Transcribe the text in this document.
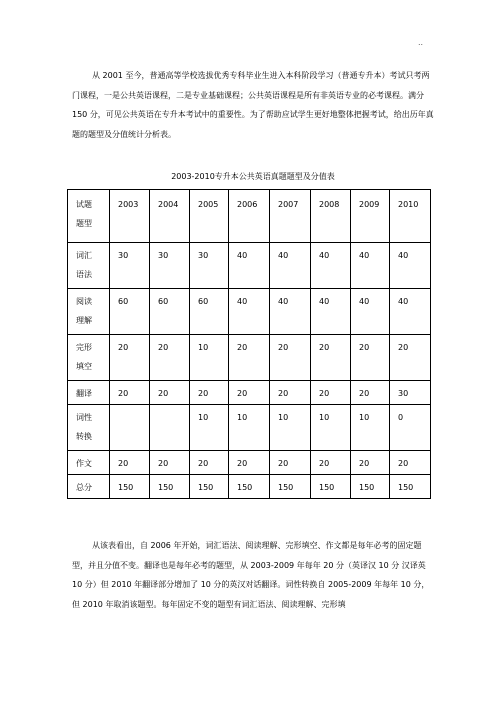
..

从 2001 至今，普通高等学校选拔优秀专科毕业生进入本科阶段学习（普通专升本）考试只考两门课程，一是公共英语课程，二是专业基础课程；公共英语课程是所有非英语专业的必考课程。满分 150 分，可见公共英语在专升本考试中的重要性。为了帮助应试学生更好地整体把握考试，给出历年真题的题型及分值统计分析表。

2003-2010专升本公共英语真题题型及分值表
试题题型	2003	2004	2005	2006	2007	2008	2009	2010
词汇语法	30	30	30	40	40	40	40	40
阅读理解	60	60	60	40	40	40	40	40
完形填空	20	20	10	20	20	20	20	20
翻译	20	20	20	20	20	20	20	30
词性转换			10	10	10	10	10	0
作文	20	20	20	20	20	20	20	20
总分	150	150	150	150	150	150	150	150

从该表看出，自 2006 年开始，词汇语法、阅读理解、完形填空、作文都是每年必考的固定题型，并且分值不变。翻译也是每年必考的题型，从 2003-2009 年每年 20 分（英译汉 10 分 汉译英 10 分）但 2010 年翻译部分增加了 10 分的英汉对话翻译。词性转换自 2005-2009 年每年 10 分，但 2010 年取消该题型。每年固定不变的题型有词汇语法、阅读理解、完形填
